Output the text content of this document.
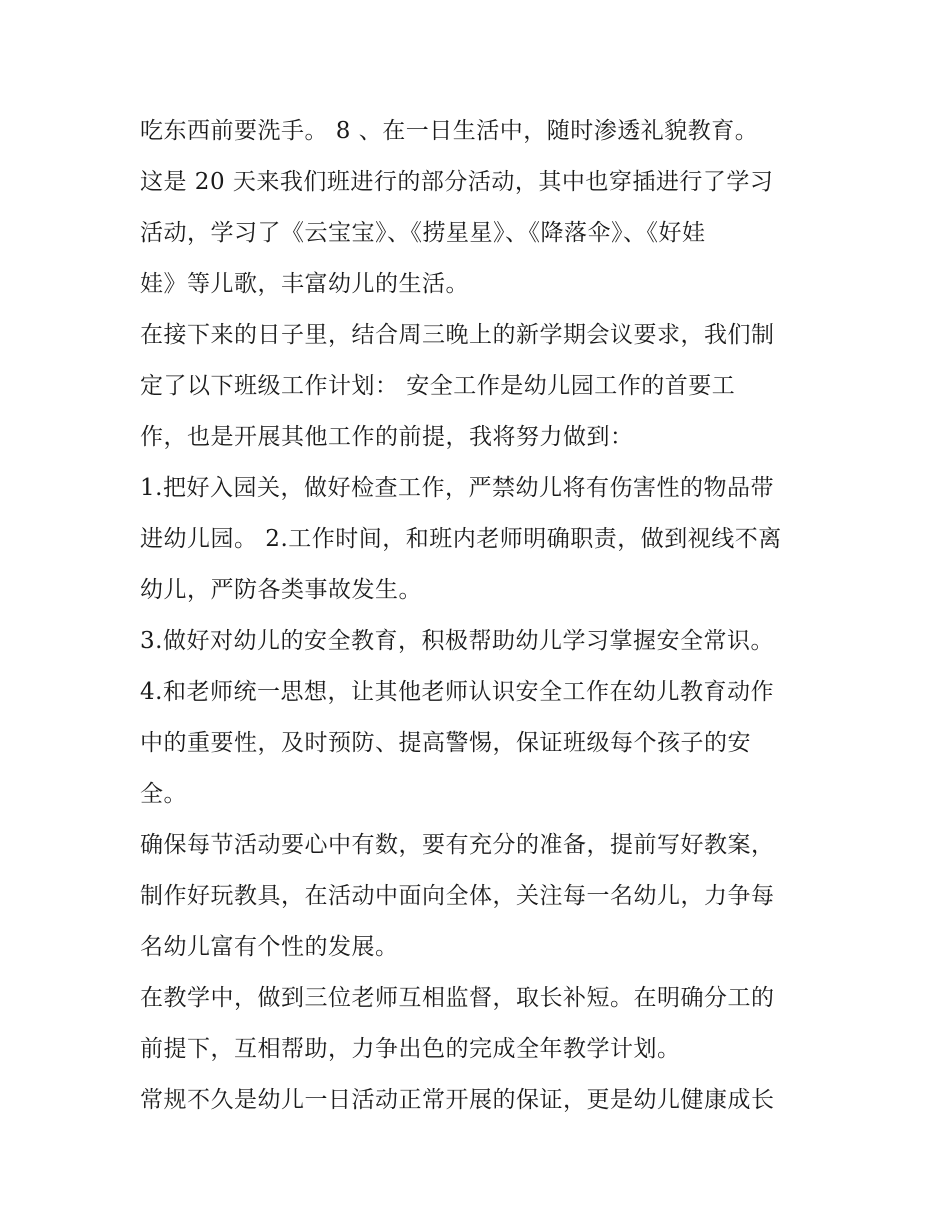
吃东西前要洗手。 8 、在一日生活中，随时渗透礼貌教育。
这是 20 天来我们班进行的部分活动，其中也穿插进行了学习
活动，学习了《云宝宝》、《捞星星》、《降落伞》、《好娃
娃》等儿歌，丰富幼儿的生活。
在接下来的日子里，结合周三晚上的新学期会议要求，我们制
定了以下班级工作计划： 安全工作是幼儿园工作的首要工
作，也是开展其他工作的前提，我将努力做到：
1.把好入园关，做好检查工作，严禁幼儿将有伤害性的物品带
进幼儿园。 2.工作时间，和班内老师明确职责，做到视线不离
幼儿，严防各类事故发生。
3.做好对幼儿的安全教育，积极帮助幼儿学习掌握安全常识。
4.和老师统一思想，让其他老师认识安全工作在幼儿教育动作
中的重要性，及时预防、提高警惕，保证班级每个孩子的安
全。
确保每节活动要心中有数，要有充分的准备，提前写好教案，
制作好玩教具，在活动中面向全体，关注每一名幼儿，力争每
名幼儿富有个性的发展。
在教学中，做到三位老师互相监督，取长补短。在明确分工的
前提下，互相帮助，力争出色的完成全年教学计划。
常规不久是幼儿一日活动正常开展的保证，更是幼儿健康成长
